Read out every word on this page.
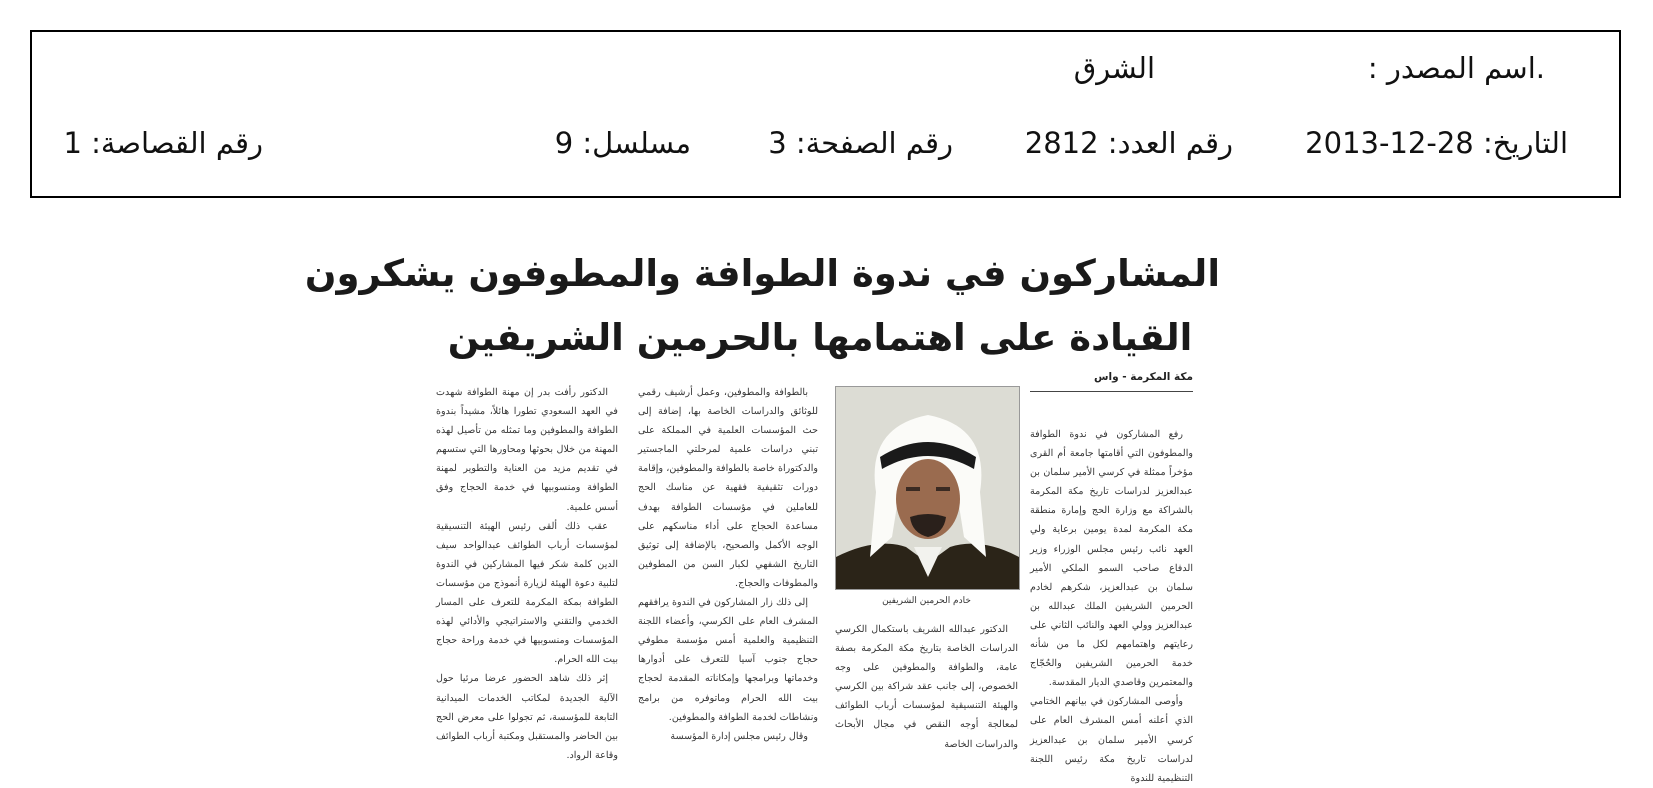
.اسم المصدر :
الشرق
التاريخ: 28-12-2013
رقم العدد: 2812
رقم الصفحة: 3
مسلسل: 9
رقم القصاصة: 1
المشاركون في ندوة الطوافة والمطوفون يشكرون
القيادة على اهتمامها بالحرمين الشريفين
مكة المكرمة - واس
خادم الحرمين الشريفين

رفع المشاركون في ندوة الطوافة والمطوفون التي أقامتها جامعة أم القرى مؤخراً ممثلة في كرسي الأمير سلمان بن عبدالعزيز لدراسات تاريخ مكة المكرمة بالشراكة مع وزارة الحج وإمارة منطقة مكة المكرمة لمدة يومين برعاية ولي العهد نائب رئيس مجلس الوزراء وزير الدفاع صاحب السمو الملكي الأمير سلمان بن عبدالعزيز، شكرهم لخادم الحرمين الشريفين الملك عبدالله بن عبدالعزيز وولي العهد والنائب الثاني على رعايتهم واهتمامهم لكل ما من شأنه خدمة الحرمين الشريفين والحُجّاج والمعتمرين وقاصدي الديار المقدسة.

وأوصى المشاركون في بيانهم الختامي الذي أعلنه أمس المشرف العام على كرسي الأمير سلمان بن عبدالعزيز لدراسات تاريخ مكة رئيس اللجنة التنظيمية للندوة

الدكتور عبدالله الشريف باستكمال الكرسي الدراسات الخاصة بتاريخ مكة المكرمة بصفة عامة، والطوافة والمطوفين على وجه الخصوص، إلى جانب عقد شراكة بين الكرسي والهيئة التنسيقية لمؤسسات أرباب الطوائف لمعالجة أوجه النقص في مجال الأبحاث والدراسات الخاصة

بالطوافة والمطوفين، وعمل أرشيف رقمي للوثائق والدراسات الخاصة بها، إضافة إلى حث المؤسسات العلمية في المملكة على تبني دراسات علمية لمرحلتي الماجستير والدكتوراة خاصة بالطوافة والمطوفين، وإقامة دورات تثقيفية فقهية عن مناسك الحج للعاملين في مؤسسات الطوافة بهدف مساعدة الحجاج على أداء مناسكهم على الوجه الأكمل والصحيح، بالإضافة إلى توثيق التاريخ الشفهي لكبار السن من المطوفين والمطوفات والحجاج.

إلى ذلك زار المشاركون في الندوة يرافقهم المشرف العام على الكرسي، وأعضاء اللجنة التنظيمية والعلمية أمس مؤسسة مطوفي حجاج جنوب آسيا للتعرف على أدوارها وخدماتها وبرامجها وإمكاناته المقدمة لحجاج بيت الله الحرام وماتوفره من برامج ونشاطات لخدمة الطوافة والمطوفين.

وقال رئيس مجلس إدارة المؤسسة

الدكتور رأفت بدر إن مهنة الطوافة شهدت في العهد السعودي تطورا هائلاً، مشيداً بندوة الطوافة والمطوفين وما تمثله من تأصيل لهذه المهنة من خلال بحوثها ومحاورها التي ستسهم في تقديم مزيد من العناية والتطوير لمهنة الطوافة ومنسوبيها في خدمة الحجاج وفق أسس علمية.

عقب ذلك ألقى رئيس الهيئة التنسيقية لمؤسسات أرباب الطوائف عبدالواحد سيف الدين كلمة شكر فيها المشاركين في الندوة لتلبية دعوة الهيئة لزيارة أنموذج من مؤسسات الطوافة بمكة المكرمة للتعرف على المسار الخدمي والتقني والاستراتيجي والأدائي لهذه المؤسسات ومنسوبيها في خدمة وراحة حجاج بيت الله الحرام.

إثر ذلك شاهد الحضور عرضا مرئيا حول الآلية الجديدة لمكاتب الخدمات الميدانية التابعة للمؤسسة، ثم تجولوا على معرض الحج بين الحاضر والمستقبل ومكتبة أرباب الطوائف وقاعة الرواد.
